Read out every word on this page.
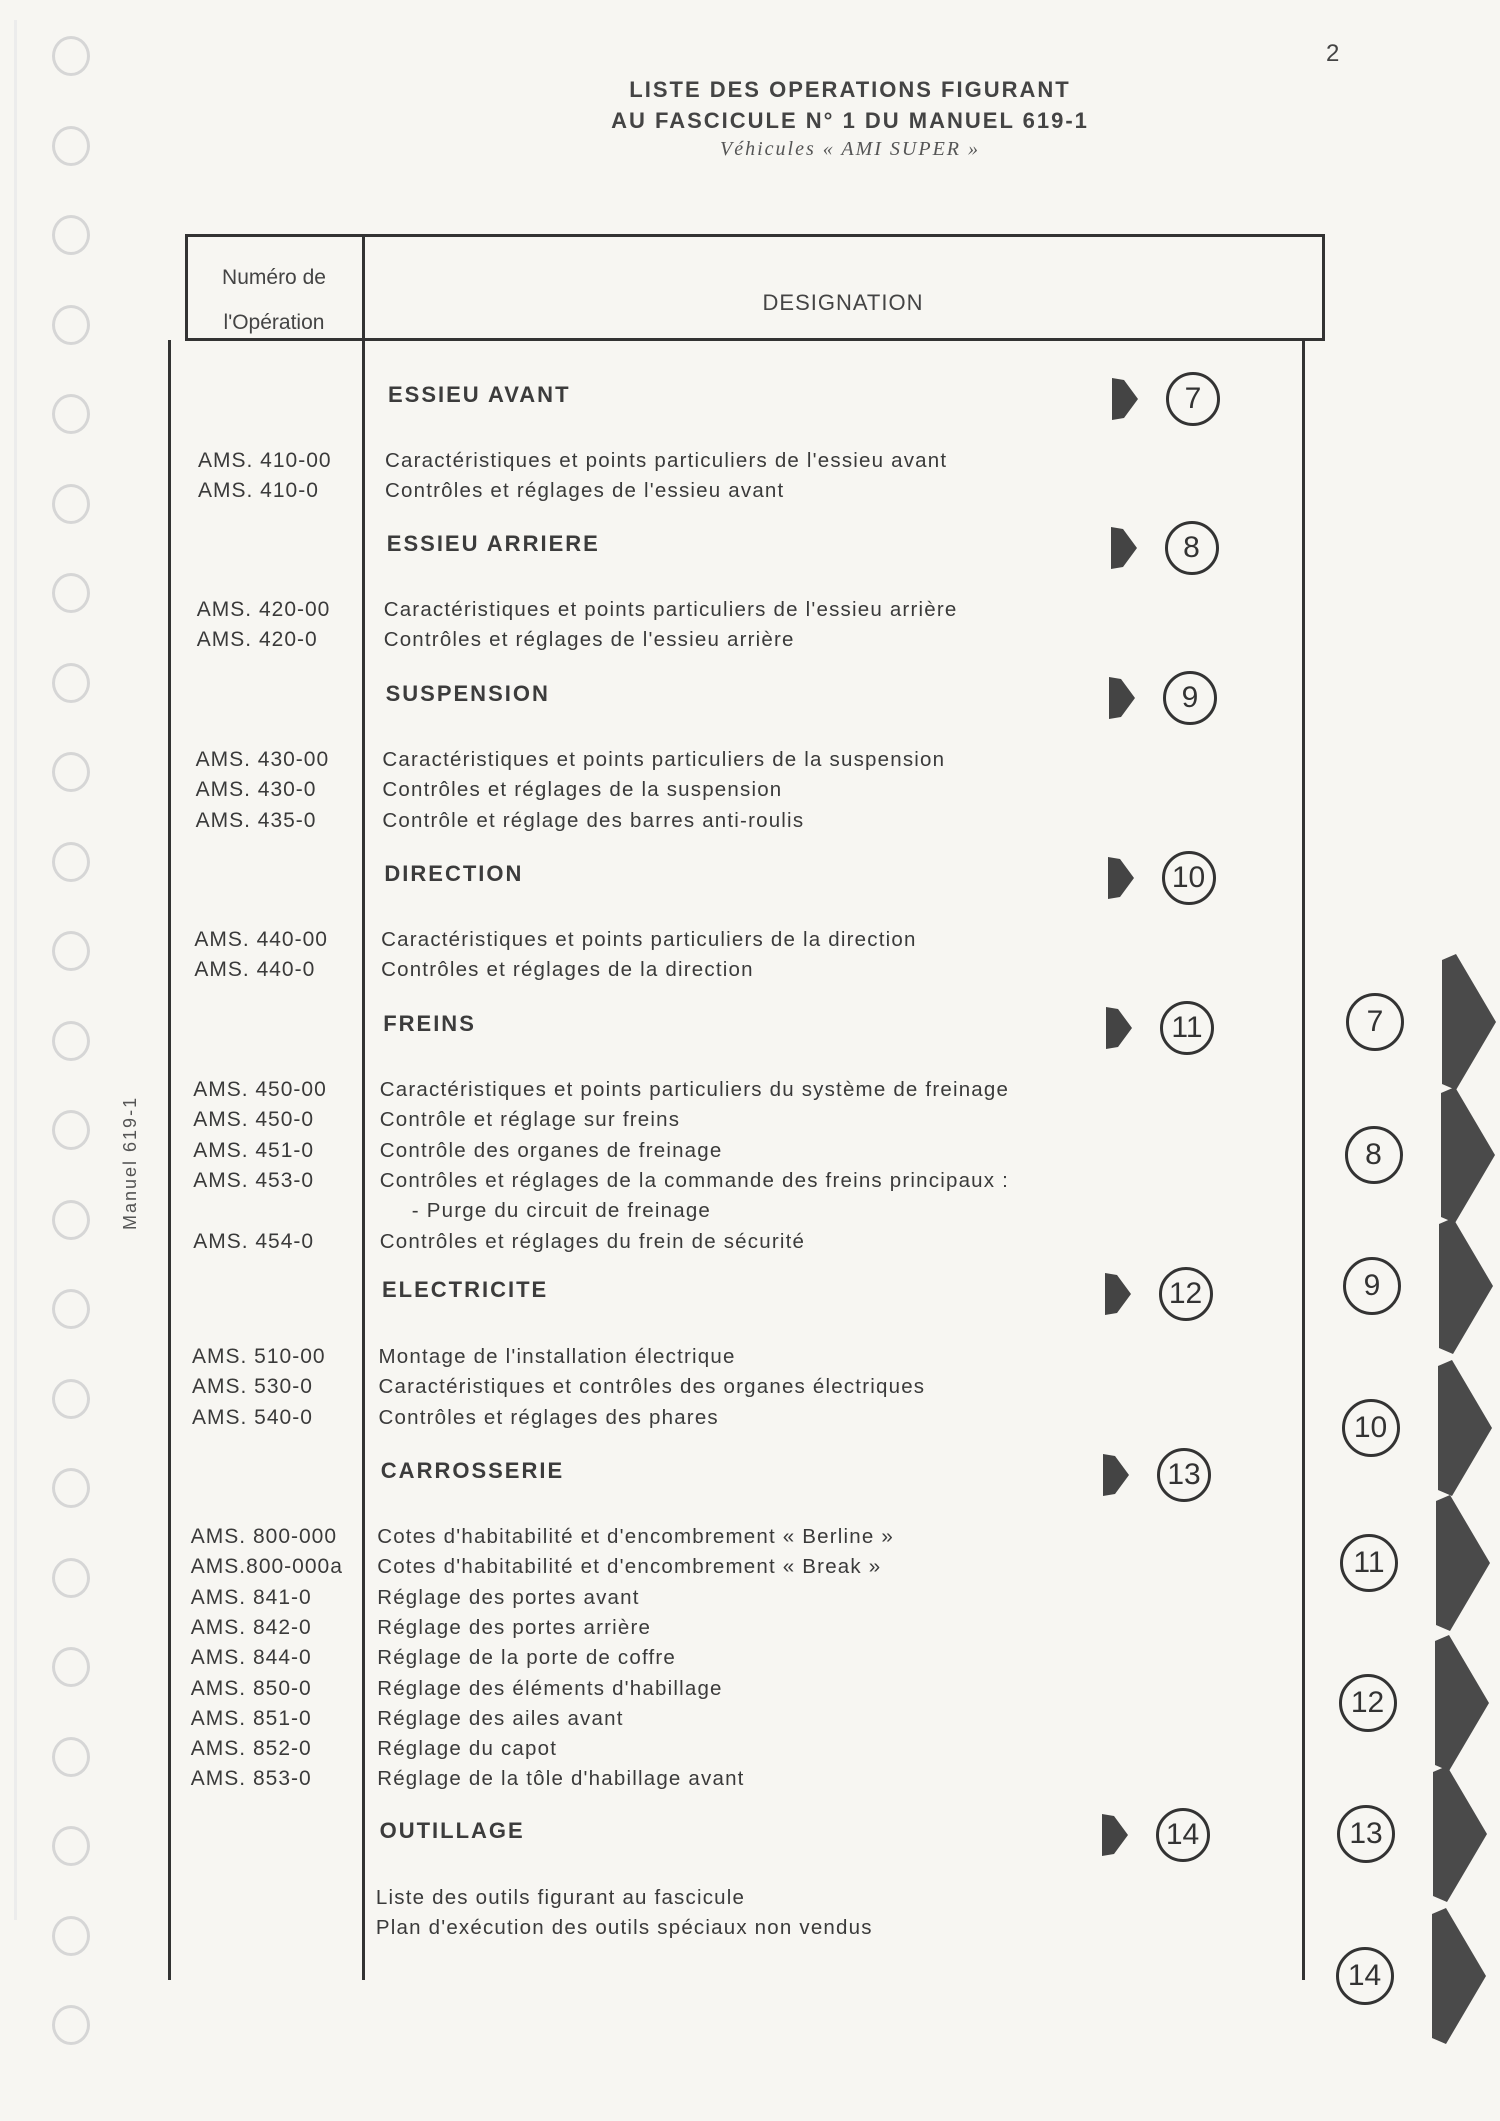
2
LISTE DES OPERATIONS FIGURANT
AU FASCICULE N° 1 DU MANUEL 619-1
Véhicules « AMI SUPER »
Manuel 619-1
Numéro de
l'Opération
DESIGNATION
ESSIEU AVANT	7
AMS. 410-00	Caractéristiques et points particuliers de l'essieu avant
AMS. 410-0	Contrôles et réglages de l'essieu avant
ESSIEU ARRIERE	8
AMS. 420-00	Caractéristiques et points particuliers de l'essieu arrière
AMS. 420-0	Contrôles et réglages de l'essieu arrière
SUSPENSION	9
AMS. 430-00	Caractéristiques et points particuliers de la suspension
AMS. 430-0	Contrôles et réglages de la suspension
AMS. 435-0	Contrôle et réglage des barres anti-roulis
DIRECTION	10
AMS. 440-00	Caractéristiques et points particuliers de la direction
AMS. 440-0	Contrôles et réglages de la direction
FREINS	11
AMS. 450-00	Caractéristiques et points particuliers du système de freinage
AMS. 450-0	Contrôle et réglage sur freins
AMS. 451-0	Contrôle des organes de freinage
AMS. 453-0	Contrôles et réglages de la commande des freins principaux :
- Purge du circuit de freinage
AMS. 454-0	Contrôles et réglages du frein de sécurité
ELECTRICITE	12
AMS. 510-00	Montage de l'installation électrique
AMS. 530-0	Caractéristiques et contrôles des organes électriques
AMS. 540-0	Contrôles et réglages des phares
CARROSSERIE	13
AMS. 800-000 Cotes d'habitabilité et d'encombrement « Berline »
AMS.800-000a Cotes d'habitabilité et d'encombrement « Break »
AMS. 841-0	Réglage des portes avant
AMS. 842-0	Réglage des portes arrière
AMS. 844-0	Réglage de la porte de coffre
AMS. 850-0	Réglage des éléments d'habillage
AMS. 851-0	Réglage des ailes avant
AMS. 852-0	Réglage du capot
AMS. 853-0	Réglage de la tôle d'habillage avant
OUTILLAGE	14
Liste des outils figurant au fascicule
Plan d'exécution des outils spéciaux non vendus
7
8
9
10
11
12
13
14
